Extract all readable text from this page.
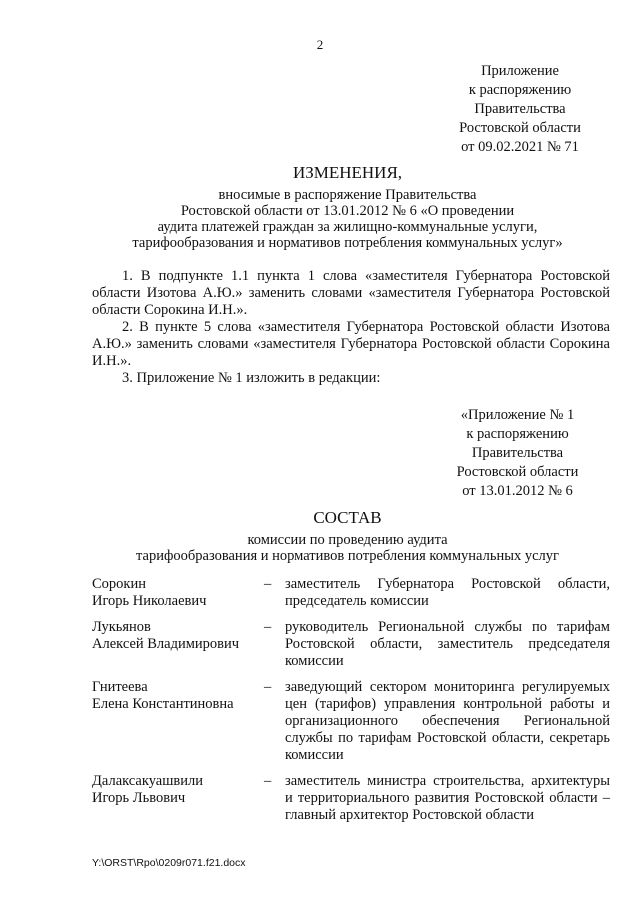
2
Приложение
к распоряжению
Правительства
Ростовской области
от 09.02.2021 № 71
ИЗМЕНЕНИЯ,
вносимые в распоряжение Правительства
Ростовской области от 13.01.2012 № 6 «О проведении
аудита платежей граждан за жилищно-коммунальные услуги,
тарифообразования и нормативов потребления коммунальных услуг»

1. В подпункте 1.1 пункта 1 слова «заместителя Губернатора Ростовской области Изотова А.Ю.» заменить словами «заместителя Губернатора Ростовской области Сорокина И.Н.».

2. В пункте 5 слова «заместителя Губернатора Ростовской области Изотова А.Ю.» заменить словами «заместителя Губернатора Ростовской области Сорокина И.Н.».

3. Приложение № 1 изложить в редакции:

«Приложение № 1
к распоряжению
Правительства
Ростовской области
от 13.01.2012 № 6
СОСТАВ
комиссии по проведению аудита
тарифообразования и нормативов потребления коммунальных услуг
Сорокин
Игорь Николаевич
– заместитель Губернатора Ростовской области, председатель комиссии
Лукьянов
Алексей Владимирович
– руководитель Региональной службы по тарифам Ростовской области, заместитель председателя комиссии
Гнитеева
Елена Константиновна
– заведующий сектором мониторинга регулируемых цен (тарифов) управления контрольной работы и организационного обеспечения Региональной службы по тарифам Ростовской области, секретарь комиссии
Далаксакуашвили
Игорь Львович
– заместитель министра строительства, архитектуры и территориального развития Ростовской области – главный архитектор Ростовской области
Y:\ORST\Rpo\0209r071.f21.docx
